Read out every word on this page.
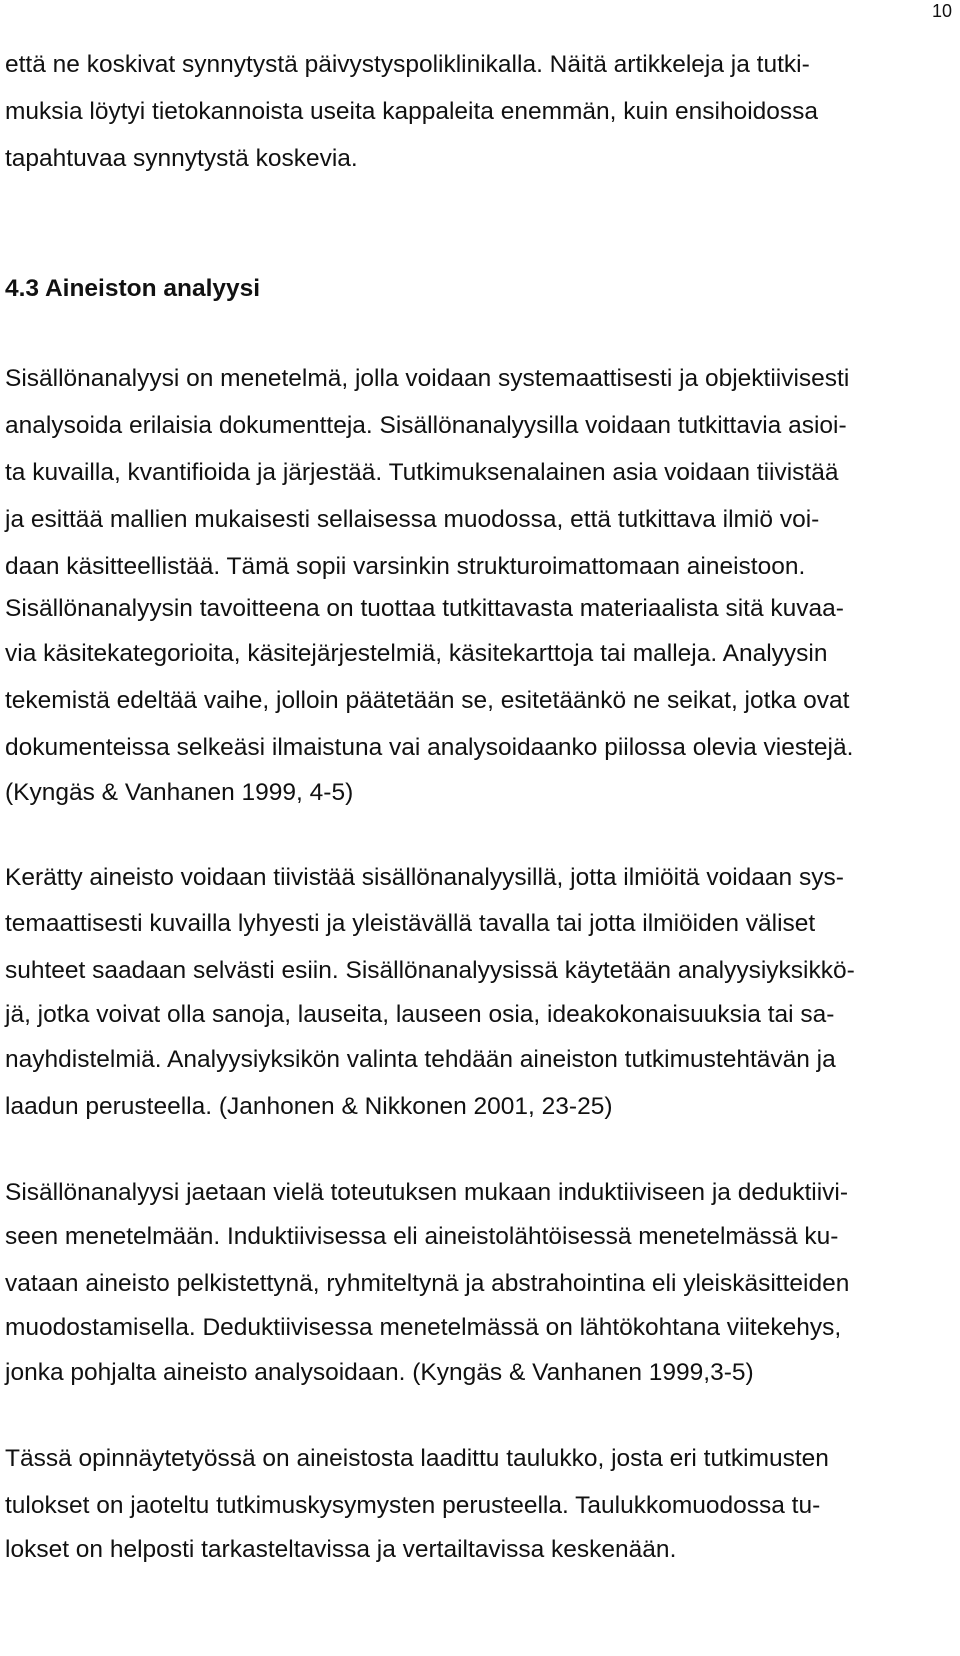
10
että ne koskivat synnytystä päivystyspoliklinikalla. Näitä artikkeleja ja tutki-
muksia löytyi tietokannoista useita kappaleita enemmän, kuin ensihoidossa
tapahtuvaa synnytystä koskevia.
4.3 Aineiston analyysi
Sisällönanalyysi on menetelmä, jolla voidaan systemaattisesti ja objektiivisesti
analysoida erilaisia dokumentteja. Sisällönanalyysilla voidaan tutkittavia asioi-
ta kuvailla, kvantifioida ja järjestää. Tutkimuksenalainen asia voidaan tiivistää
ja esittää mallien mukaisesti sellaisessa muodossa, että tutkittava ilmiö voi-
daan käsitteellistää. Tämä sopii varsinkin strukturoimattomaan aineistoon.
Sisällönanalyysin tavoitteena on tuottaa tutkittavasta materiaalista sitä kuvaa-
via käsitekategorioita, käsitejärjestelmiä, käsitekarttoja tai malleja. Analyysin
tekemistä edeltää vaihe, jolloin päätetään se, esitetäänkö ne seikat, jotka ovat
dokumenteissa selkeäsi ilmaistuna vai analysoidaanko piilossa olevia viestejä.
(Kyngäs & Vanhanen 1999, 4-5)
Kerätty aineisto voidaan tiivistää sisällönanalyysillä, jotta ilmiöitä voidaan sys-
temaattisesti kuvailla lyhyesti ja yleistävällä tavalla tai jotta ilmiöiden väliset
suhteet saadaan selvästi esiin. Sisällönanalyysissä käytetään analyysiyksikkö-
jä, jotka voivat olla sanoja, lauseita, lauseen osia, ideakokonaisuuksia tai sa-
nayhdistelmiä. Analyysiyksikön valinta tehdään aineiston tutkimustehtävän ja
laadun perusteella. (Janhonen & Nikkonen 2001, 23-25)
Sisällönanalyysi jaetaan vielä toteutuksen mukaan induktiiviseen ja deduktiivi-
seen menetelmään. Induktiivisessa eli aineistolähtöisessä menetelmässä ku-
vataan aineisto pelkistettynä, ryhmiteltynä ja abstrahointina eli yleiskäsitteiden
muodostamisella. Deduktiivisessa menetelmässä on lähtökohtana viitekehys,
jonka pohjalta aineisto analysoidaan. (Kyngäs & Vanhanen 1999,3-5)
Tässä opinnäytetyössä on aineistosta laadittu taulukko, josta eri tutkimusten
tulokset on jaoteltu tutkimuskysymysten perusteella. Taulukkomuodossa tu-
lokset on helposti tarkasteltavissa ja vertailtavissa keskenään.
